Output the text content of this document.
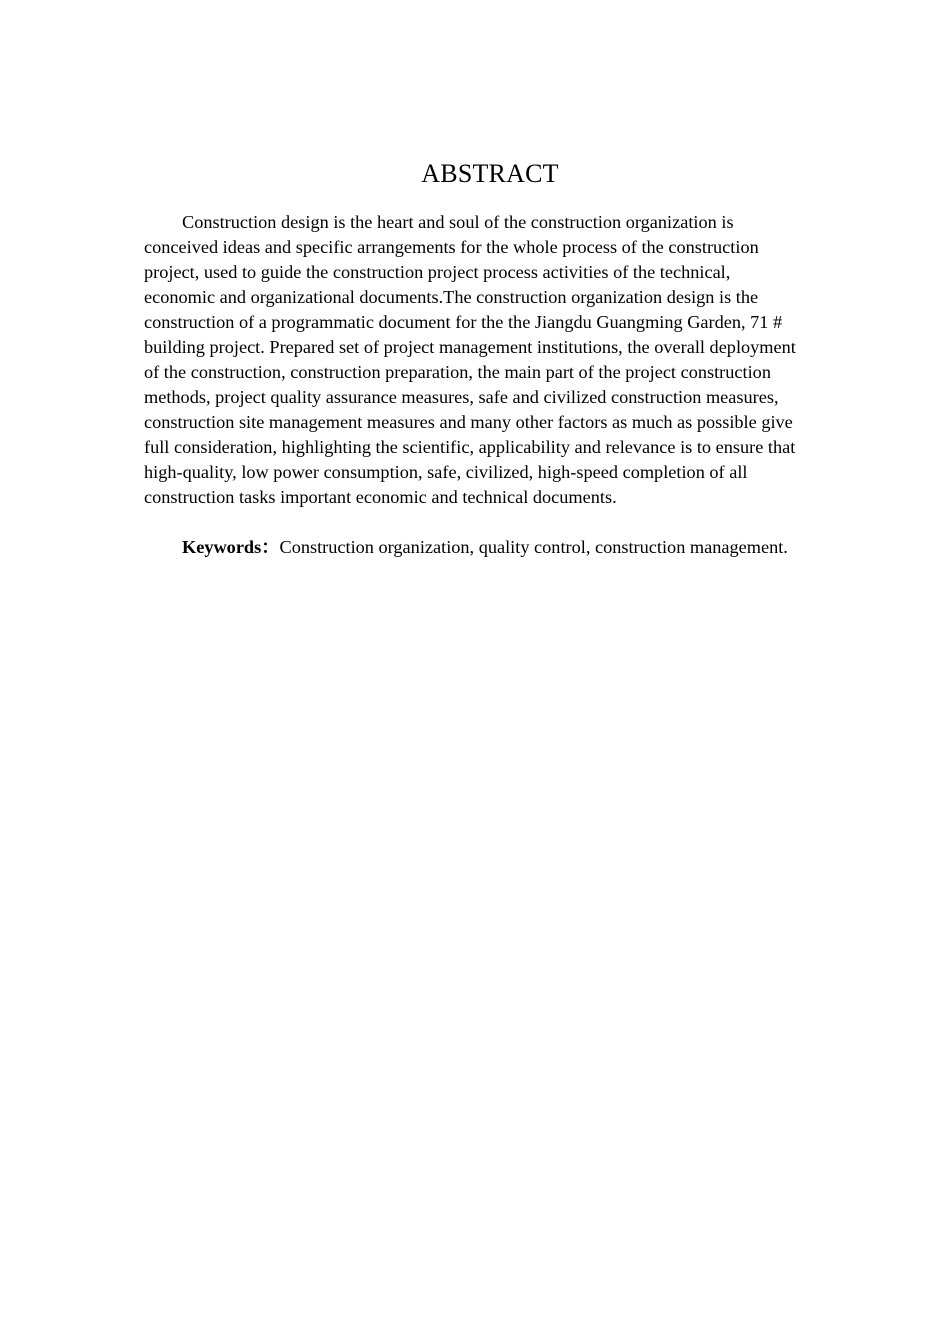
ABSTRACT

Construction design is the heart and soul of the construction organization is conceived ideas and specific arrangements for the whole process of the construction project, used to guide the construction project process activities of the technical, economic and organizational documents.The construction organization design is the construction of a programmatic document for the the Jiangdu Guangming Garden, 71 # building project. Prepared set of project management institutions, the overall deployment of the construction, construction preparation, the main part of the project construction methods, project quality assurance measures, safe and civilized construction measures, construction site management measures and many other factors as much as possible give full consideration, highlighting the scientific, applicability and relevance is to ensure that high-quality, low power consumption, safe, civilized, high-speed completion of all construction tasks important economic and technical documents.

Keywords：Construction organization, quality control, construction management.
